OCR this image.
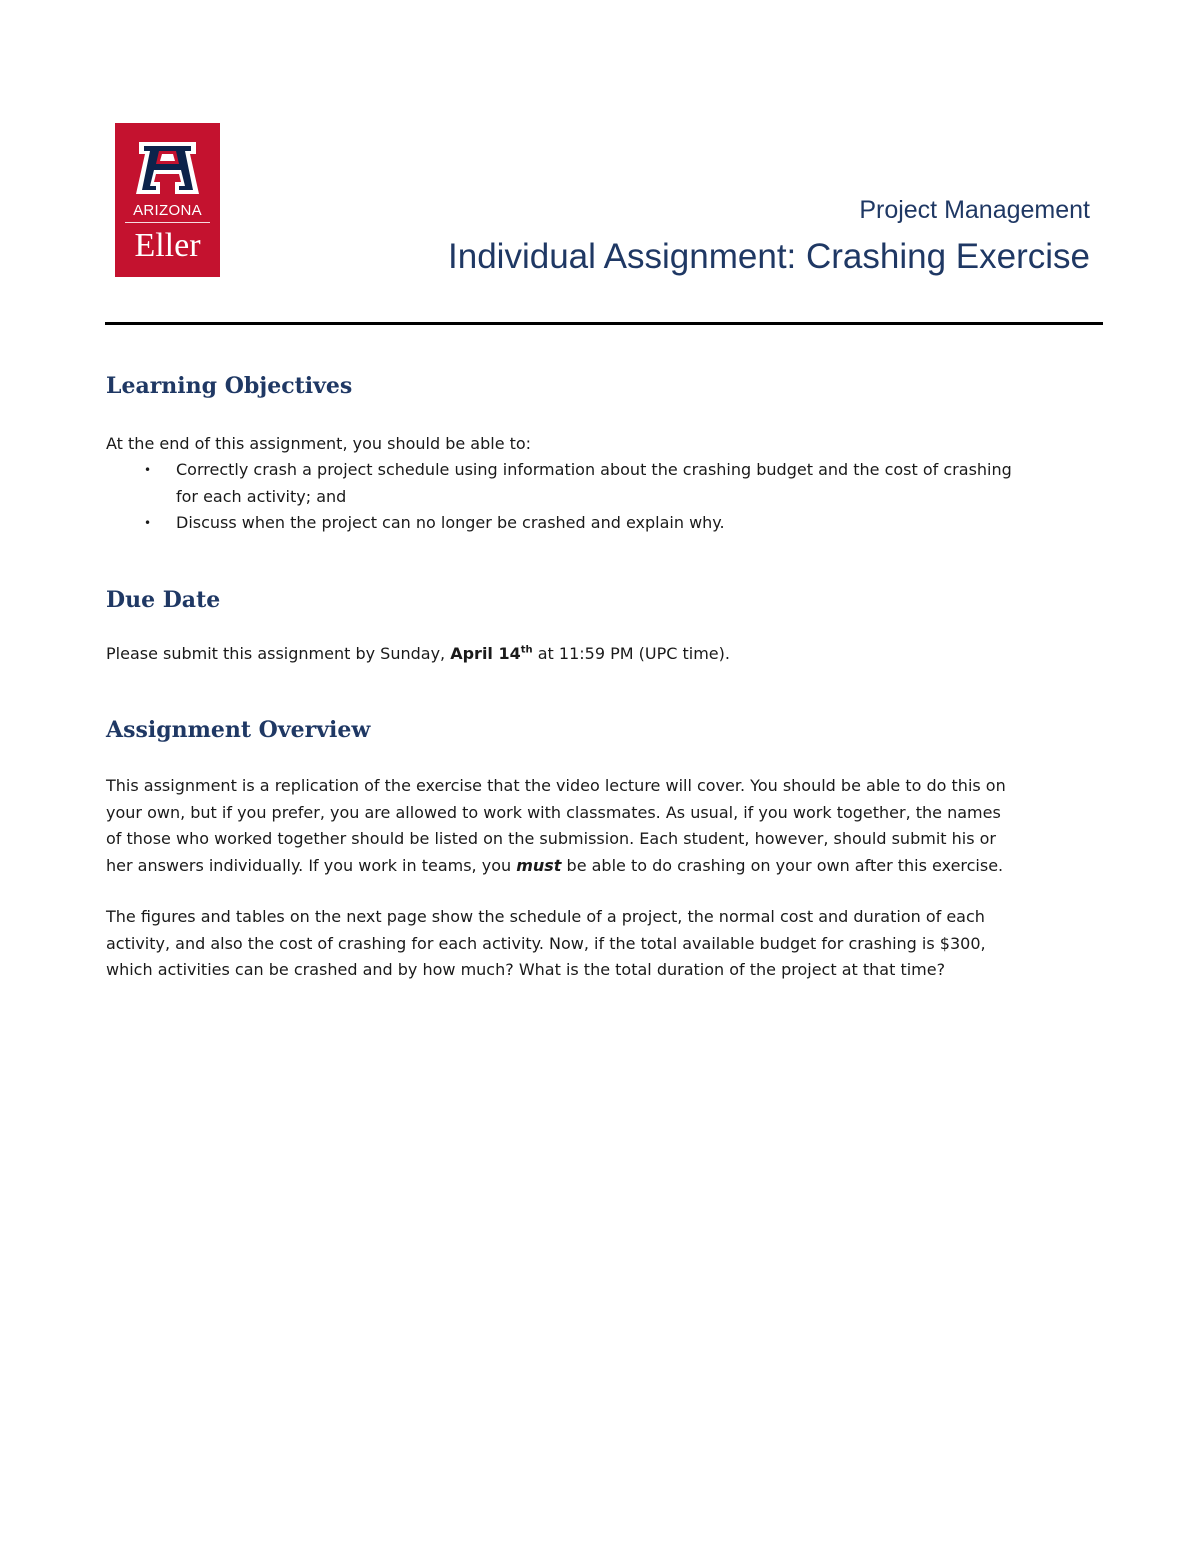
ARIZONA
Eller
Project Management
Individual Assignment: Crashing Exercise
Learning Objectives
At the end of this assignment, you should be able to:
• Correctly crash a project schedule using information about the crashing budget and the cost of crashing
for each activity; and
• Discuss when the project can no longer be crashed and explain why.
Due Date
Please submit this assignment by Sunday, April 14th at 11:59 PM (UPC time).
Assignment Overview
This assignment is a replication of the exercise that the video lecture will cover. You should be able to do this on
your own, but if you prefer, you are allowed to work with classmates. As usual, if you work together, the names
of those who worked together should be listed on the submission. Each student, however, should submit his or
her answers individually. If you work in teams, you must be able to do crashing on your own after this exercise.
The figures and tables on the next page show the schedule of a project, the normal cost and duration of each
activity, and also the cost of crashing for each activity. Now, if the total available budget for crashing is $300,
which activities can be crashed and by how much? What is the total duration of the project at that time?
